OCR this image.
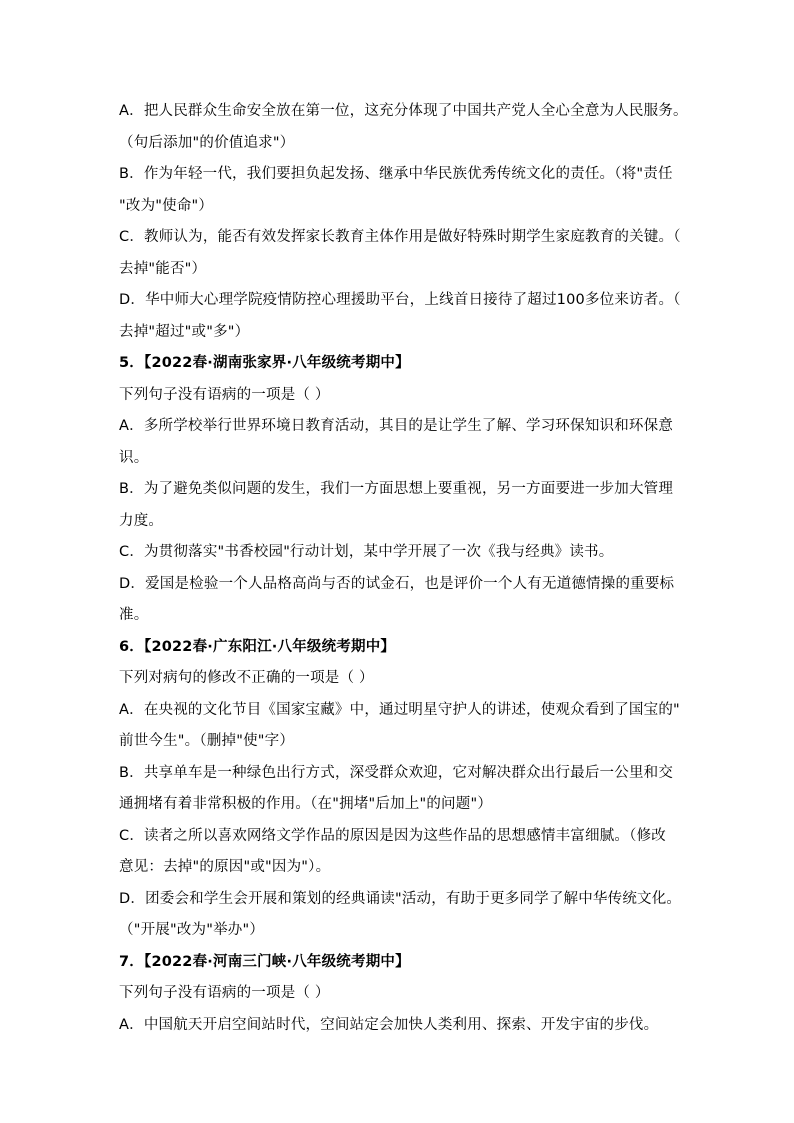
A．把人民群众生命安全放在第一位，这充分体现了中国共产党人全心全意为人民服务。
（句后添加"的价值追求"）
B．作为年轻一代，我们要担负起发扬、继承中华民族优秀传统文化的责任。（将"责任
"改为"使命"）
C．教师认为，能否有效发挥家长教育主体作用是做好特殊时期学生家庭教育的关键。（
去掉"能否"）
D．华中师大心理学院疫情防控心理援助平台，上线首日接待了超过100多位来访者。（
去掉"超过"或"多"）
5．【2022春·湖南张家界·八年级统考期中】
下列句子没有语病的一项是（ ）
A．多所学校举行世界环境日教育活动，其目的是让学生了解、学习环保知识和环保意
识。
B．为了避免类似问题的发生，我们一方面思想上要重视，另一方面要进一步加大管理
力度。
C．为贯彻落实"书香校园"行动计划，某中学开展了一次《我与经典》读书。
D．爱国是检验一个人品格高尚与否的试金石，也是评价一个人有无道德情操的重要标
准。
6．【2022春·广东阳江·八年级统考期中】
下列对病句的修改不正确的一项是（ ）
A．在央视的文化节目《国家宝藏》中，通过明星守护人的讲述，使观众看到了国宝的"
前世今生"。（删掉"使"字）
B．共享单车是一种绿色出行方式，深受群众欢迎，它对解决群众出行最后一公里和交
通拥堵有着非常积极的作用。（在"拥堵"后加上"的问题"）
C．读者之所以喜欢网络文学作品的原因是因为这些作品的思想感情丰富细腻。（修改
意见：去掉"的原因"或"因为"）。
D．团委会和学生会开展和策划的经典诵读"活动，有助于更多同学了解中华传统文化。
（"开展"改为"举办"）
7．【2022春·河南三门峡·八年级统考期中】
下列句子没有语病的一项是（ ）
A．中国航天开启空间站时代，空间站定会加快人类利用、探索、开发宇宙的步伐。
